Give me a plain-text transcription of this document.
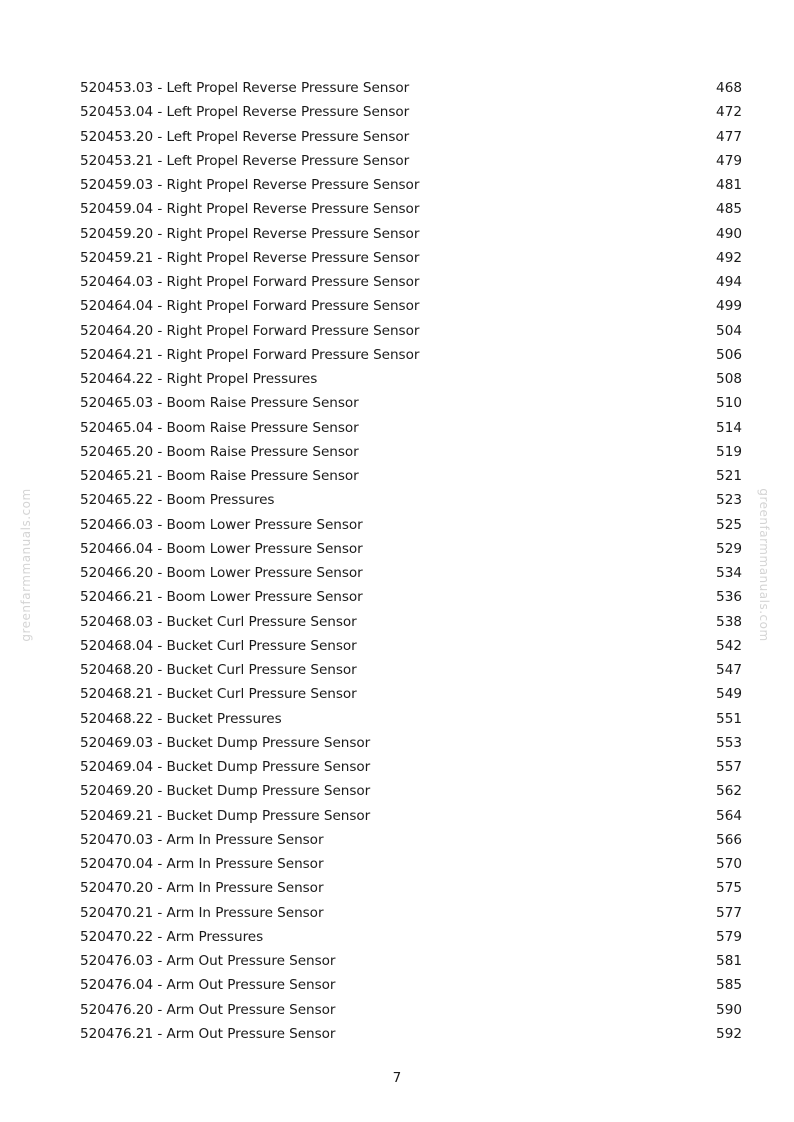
greenfarmmanuals.com	greenfarmmanuals.com
520453.03 - Left Propel Reverse Pressure Sensor	468
520453.04 - Left Propel Reverse Pressure Sensor	472
520453.20 - Left Propel Reverse Pressure Sensor	477
520453.21 - Left Propel Reverse Pressure Sensor	479
520459.03 - Right Propel Reverse Pressure Sensor	481
520459.04 - Right Propel Reverse Pressure Sensor	485
520459.20 - Right Propel Reverse Pressure Sensor	490
520459.21 - Right Propel Reverse Pressure Sensor	492
520464.03 - Right Propel Forward Pressure Sensor	494
520464.04 - Right Propel Forward Pressure Sensor	499
520464.20 - Right Propel Forward Pressure Sensor	504
520464.21 - Right Propel Forward Pressure Sensor	506
520464.22 - Right Propel Pressures	508
520465.03 - Boom Raise Pressure Sensor	510
520465.04 - Boom Raise Pressure Sensor	514
520465.20 - Boom Raise Pressure Sensor	519
520465.21 - Boom Raise Pressure Sensor	521
520465.22 - Boom Pressures	523
520466.03 - Boom Lower Pressure Sensor	525
520466.04 - Boom Lower Pressure Sensor	529
520466.20 - Boom Lower Pressure Sensor	534
520466.21 - Boom Lower Pressure Sensor	536
520468.03 - Bucket Curl Pressure Sensor	538
520468.04 - Bucket Curl Pressure Sensor	542
520468.20 - Bucket Curl Pressure Sensor	547
520468.21 - Bucket Curl Pressure Sensor	549
520468.22 - Bucket Pressures	551
520469.03 - Bucket Dump Pressure Sensor	553
520469.04 - Bucket Dump Pressure Sensor	557
520469.20 - Bucket Dump Pressure Sensor	562
520469.21 - Bucket Dump Pressure Sensor	564
520470.03 - Arm In Pressure Sensor	566
520470.04 - Arm In Pressure Sensor	570
520470.20 - Arm In Pressure Sensor	575
520470.21 - Arm In Pressure Sensor	577
520470.22 - Arm Pressures	579
520476.03 - Arm Out Pressure Sensor	581
520476.04 - Arm Out Pressure Sensor	585
520476.20 - Arm Out Pressure Sensor	590
520476.21 - Arm Out Pressure Sensor	592
7
